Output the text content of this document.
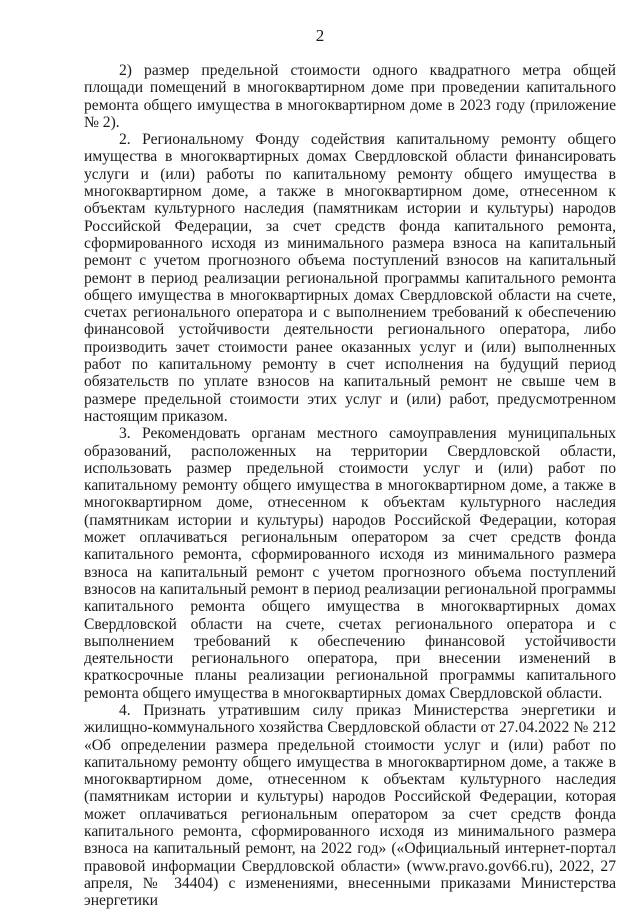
2

2) размер предельной стоимости одного квадратного метра общей площади помещений в многоквартирном доме при проведении капитального ремонта общего имущества в многоквартирном доме в 2023 году (приложение № 2).

2. Региональному Фонду содействия капитальному ремонту общего имущества в многоквартирных домах Свердловской области финансировать услуги и (или) работы по капитальному ремонту общего имущества в многоквартирном доме, а также в многоквартирном доме, отнесенном к объектам культурного наследия (памятникам истории и культуры) народов Российской Федерации, за счет средств фонда капитального ремонта, сформированного исходя из минимального размера взноса на капитальный ремонт с учетом прогнозного объема поступлений взносов на капитальный ремонт в период реализации региональной программы капитального ремонта общего имущества в многоквартирных домах Свердловской области на счете, счетах регионального оператора и с выполнением требований к обеспечению финансовой устойчивости деятельности регионального оператора, либо производить зачет стоимости ранее оказанных услуг и (или) выполненных работ по капитальному ремонту в счет исполнения на будущий период обязательств по уплате взносов на капитальный ремонт не свыше чем в размере предельной стоимости этих услуг и (или) работ, предусмотренном настоящим приказом.

3. Рекомендовать органам местного самоуправления муниципальных образований, расположенных на территории Свердловской области, использовать размер предельной стоимости услуг и (или) работ по капитальному ремонту общего имущества в многоквартирном доме, а также в многоквартирном доме, отнесенном к объектам культурного наследия (памятникам истории и культуры) народов Российской Федерации, которая может оплачиваться региональным оператором за счет средств фонда капитального ремонта, сформированного исходя из минимального размера взноса на капитальный ремонт с учетом прогнозного объема поступлений взносов на капитальный ремонт в период реализации региональной программы капитального ремонта общего имущества в многоквартирных домах Свердловской области на счете, счетах регионального оператора и с выполнением требований к обеспечению финансовой устойчивости деятельности регионального оператора, при внесении изменений в краткосрочные планы реализации региональной программы капитального ремонта общего имущества в многоквартирных домах Свердловской области.

4. Признать утратившим силу приказ Министерства энергетики и жилищно-коммунального хозяйства Свердловской области от 27.04.2022 № 212 «Об определении размера предельной стоимости услуг и (или) работ по капитальному ремонту общего имущества в многоквартирном доме, а также в многоквартирном доме, отнесенном к объектам культурного наследия (памятникам истории и культуры) народов Российской Федерации, которая может оплачиваться региональным оператором за счет средств фонда капитального ремонта, сформированного исходя из минимального размера взноса на капитальный ремонт, на 2022 год» («Официальный интернет-портал правовой информации Свердловской области» (www.pravo.gov66.ru), 2022, 27 апреля, № 34404) с изменениями, внесенными приказами Министерства энергетики
